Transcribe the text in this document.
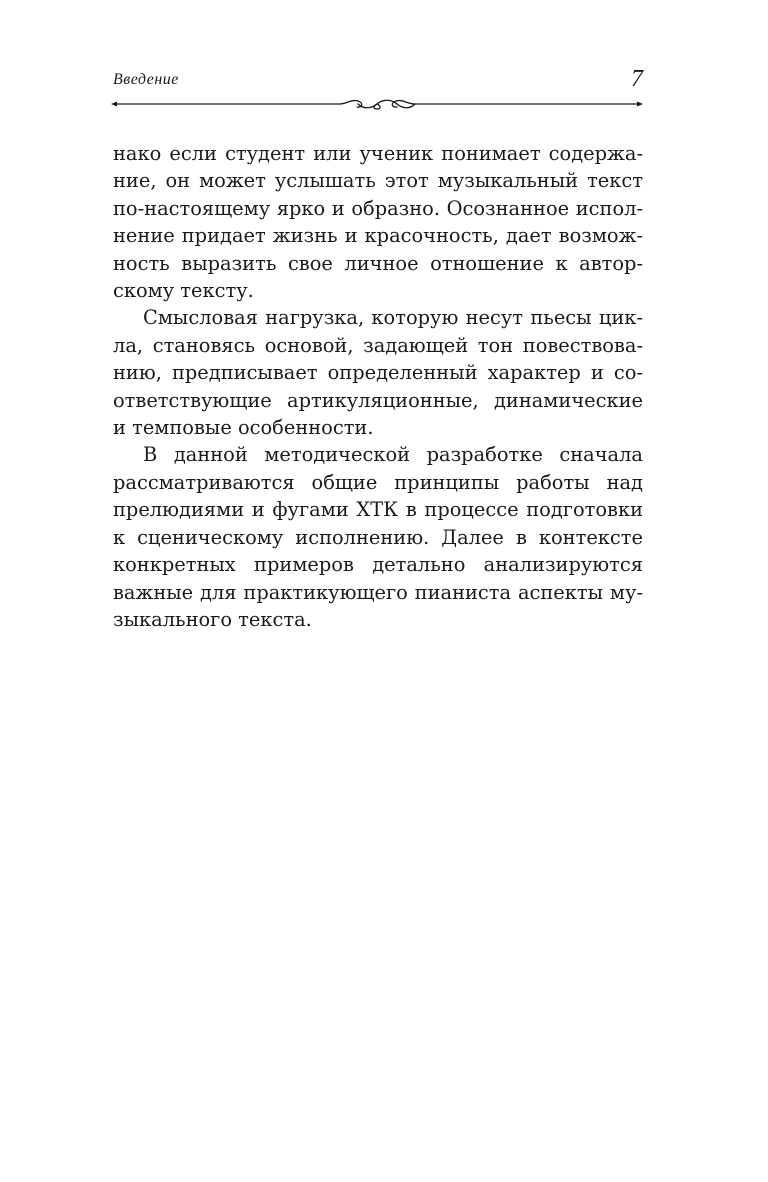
Введение	7

нако если студент или ученик понимает содержание, он может услышать этот музыкальный текст по-настоящему ярко и образно. Осознанное исполнение придает жизнь и красочность, дает возможность выразить свое личное отношение к авторскому тексту.

Смысловая нагрузка, которую несут пьесы цикла, становясь основой, задающей тон повествованию, предписывает определенный характер и соответствующие артикуляционные, динамические и темповые особенности.

В данной методической разработке сначала рассматриваются общие принципы работы над прелюдиями и фугами ХТК в процессе подготовки к сценическому исполнению. Далее в контексте конкретных примеров детально анализируются важные для практикующего пианиста аспекты музыкального текста.
